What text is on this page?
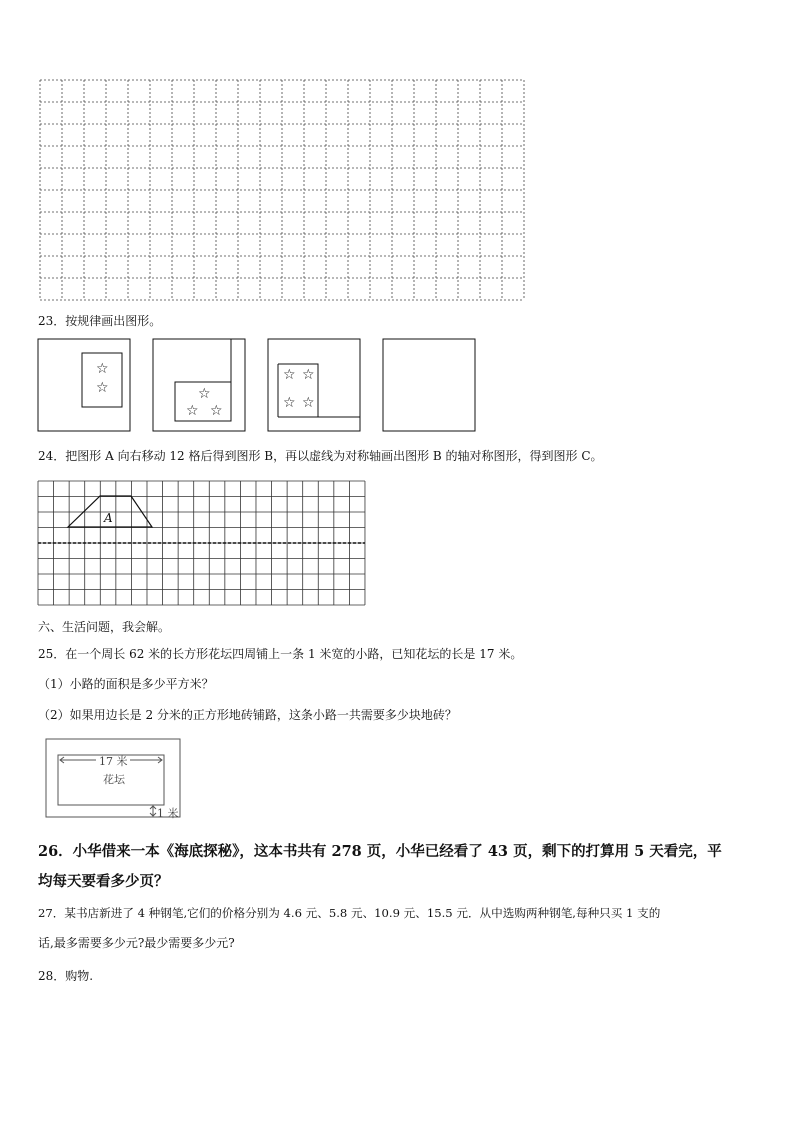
23．按规律画出图形。
☆
☆	☆
☆ ☆
☆ ☆
☆ ☆
24．把图形 A 向右移动 12 格后得到图形 B，再以虚线为对称轴画出图形 B 的轴对称图形，得到图形 C。
A
六、生活问题，我会解。
25．在一个周长 62 米的长方形花坛四周铺上一条 1 米宽的小路，已知花坛的长是 17 米。
（1）小路的面积是多少平方米？
（2）如果用边长是 2 分米的正方形地砖铺路，这条小路一共需要多少块地砖？
17 米
花坛
1 米
26．小华借来一本《海底探秘》，这本书共有 278 页，小华已经看了 43 页，剩下的打算用 5 天看完，平
均每天要看多少页？
27．某书店新进了 4 种钢笔,它们的价格分别为 4.6 元、5.8 元、10.9 元、15.5 元．从中选购两种钢笔,每种只买 1 支的
话,最多需要多少元?最少需要多少元?
28．购物.
